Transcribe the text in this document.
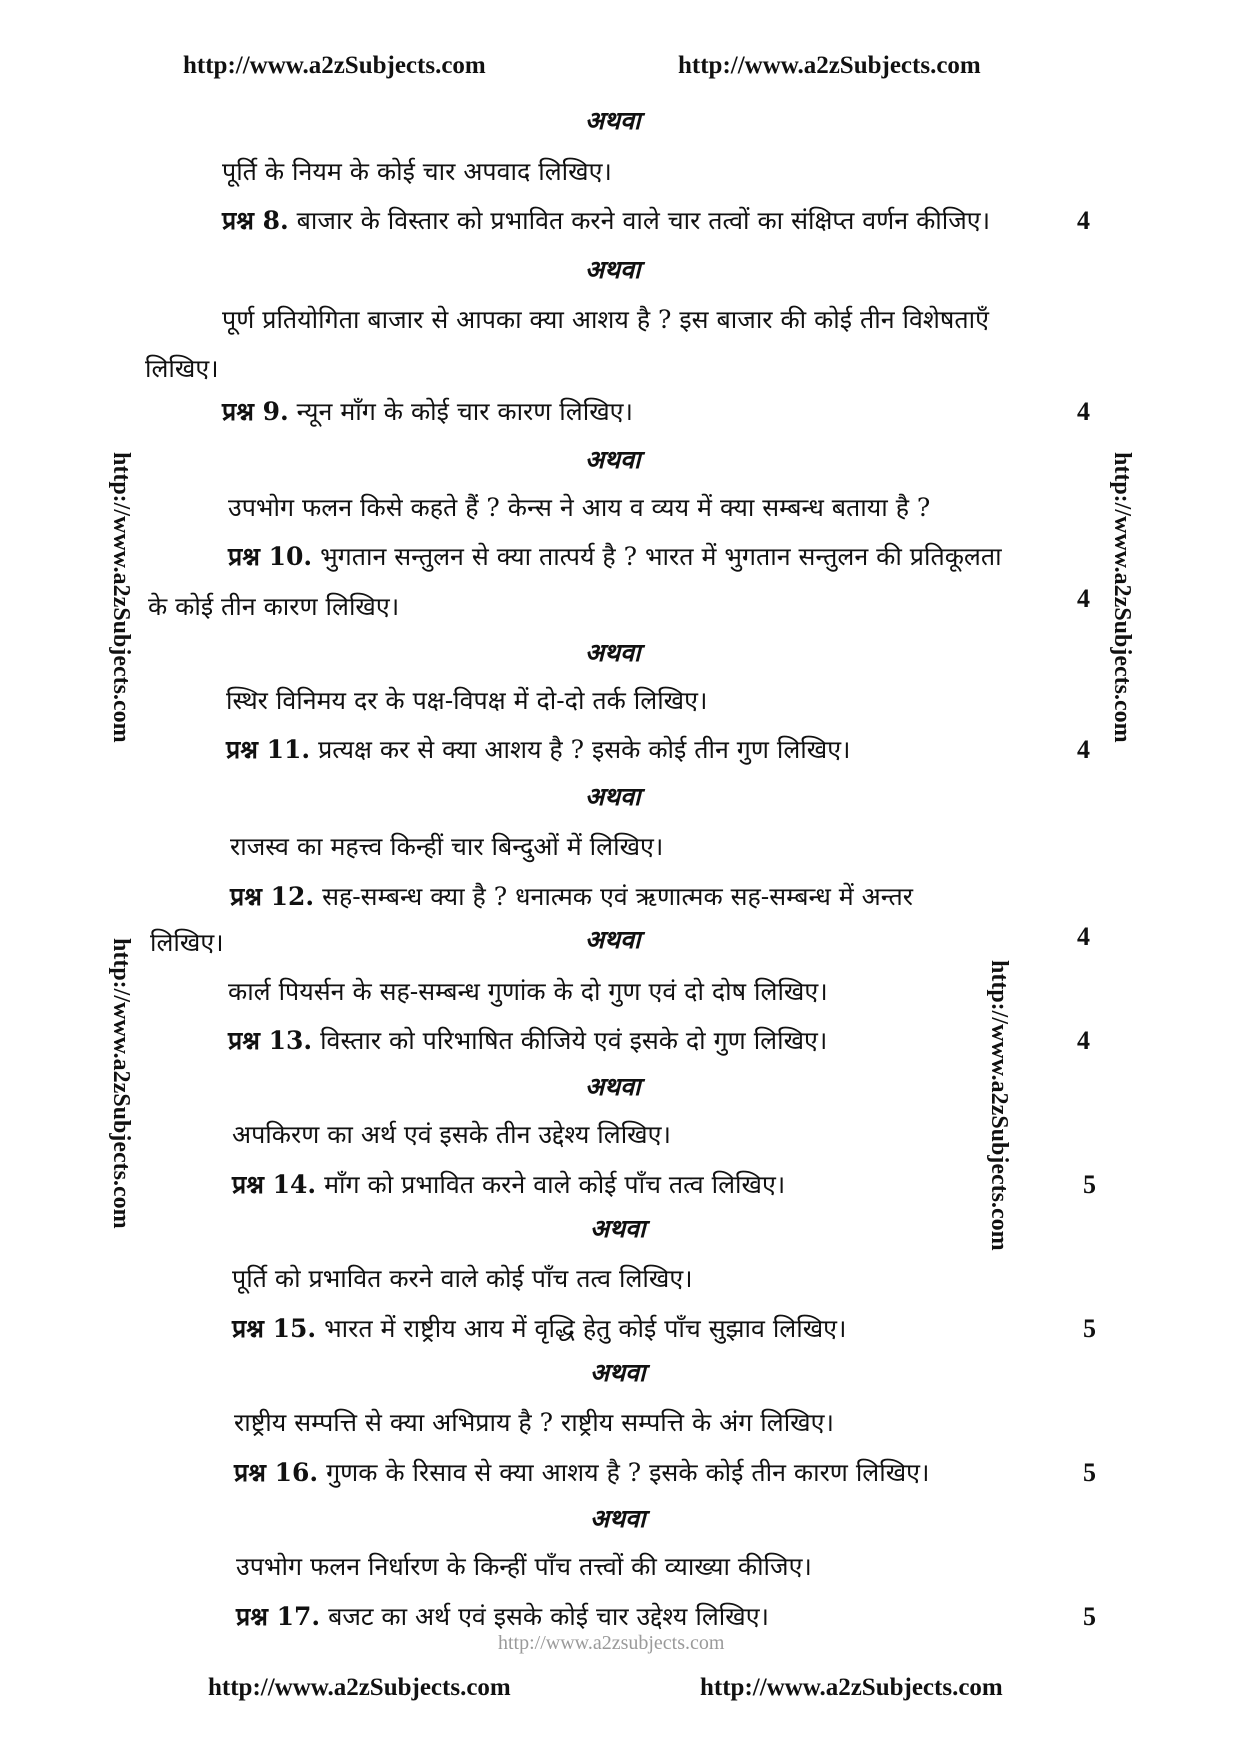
http://www.a2zSubjects.com	http://www.a2zSubjects.com
http://www.a2zSubjects.com
http://www.a2zSubjects.com	http://www.a2zSubjects.com
http://www.a2zSubjects.com
अथवा
पूर्ति के नियम के कोई चार अपवाद लिखिए।
प्रश्न 8. बाजार के विस्तार को प्रभावित करने वाले चार तत्वों का संक्षिप्त वर्णन कीजिए।	4
अथवा
पूर्ण प्रतियोगिता बाजार से आपका क्या आशय है ? इस बाजार की कोई तीन विशेषताएँ
लिखिए।
प्रश्न 9. न्यून माँग के कोई चार कारण लिखिए।	4
अथवा
उपभोग फलन किसे कहते हैं ? केन्स ने आय व व्यय में क्या सम्बन्ध बताया है ?
प्रश्न 10. भुगतान सन्तुलन से क्या तात्पर्य है ? भारत में भुगतान सन्तुलन की प्रतिकूलता
के कोई तीन कारण लिखिए।	4
अथवा
स्थिर विनिमय दर के पक्ष-विपक्ष में दो-दो तर्क लिखिए।
प्रश्न 11. प्रत्यक्ष कर से क्या आशय है ? इसके कोई तीन गुण लिखिए।	4
अथवा
राजस्व का महत्त्व किन्हीं चार बिन्दुओं में लिखिए।
प्रश्न 12. सह-सम्बन्ध क्या है ? धनात्मक एवं ऋणात्मक सह-सम्बन्ध में अन्तर
लिखिए।	अथवा	4
कार्ल पियर्सन के सह-सम्बन्ध गुणांक के दो गुण एवं दो दोष लिखिए।
प्रश्न 13. विस्तार को परिभाषित कीजिये एवं इसके दो गुण लिखिए।	4
अथवा
अपकिरण का अर्थ एवं इसके तीन उद्देश्य लिखिए।
प्रश्न 14. माँग को प्रभावित करने वाले कोई पाँच तत्व लिखिए।	5
अथवा
पूर्ति को प्रभावित करने वाले कोई पाँच तत्व लिखिए।
प्रश्न 15. भारत में राष्ट्रीय आय में वृद्धि हेतु कोई पाँच सुझाव लिखिए।	5
अथवा
राष्ट्रीय सम्पत्ति से क्या अभिप्राय है ? राष्ट्रीय सम्पत्ति के अंग लिखिए।
प्रश्न 16. गुणक के रिसाव से क्या आशय है ? इसके कोई तीन कारण लिखिए।	5
अथवा
उपभोग फलन निर्धारण के किन्हीं पाँच तत्त्वों की व्याख्या कीजिए।
प्रश्न 17. बजट का अर्थ एवं इसके कोई चार उद्देश्य लिखिए।	5
http://www.a2zsubjects.com
http://www.a2zSubjects.com	http://www.a2zSubjects.com
